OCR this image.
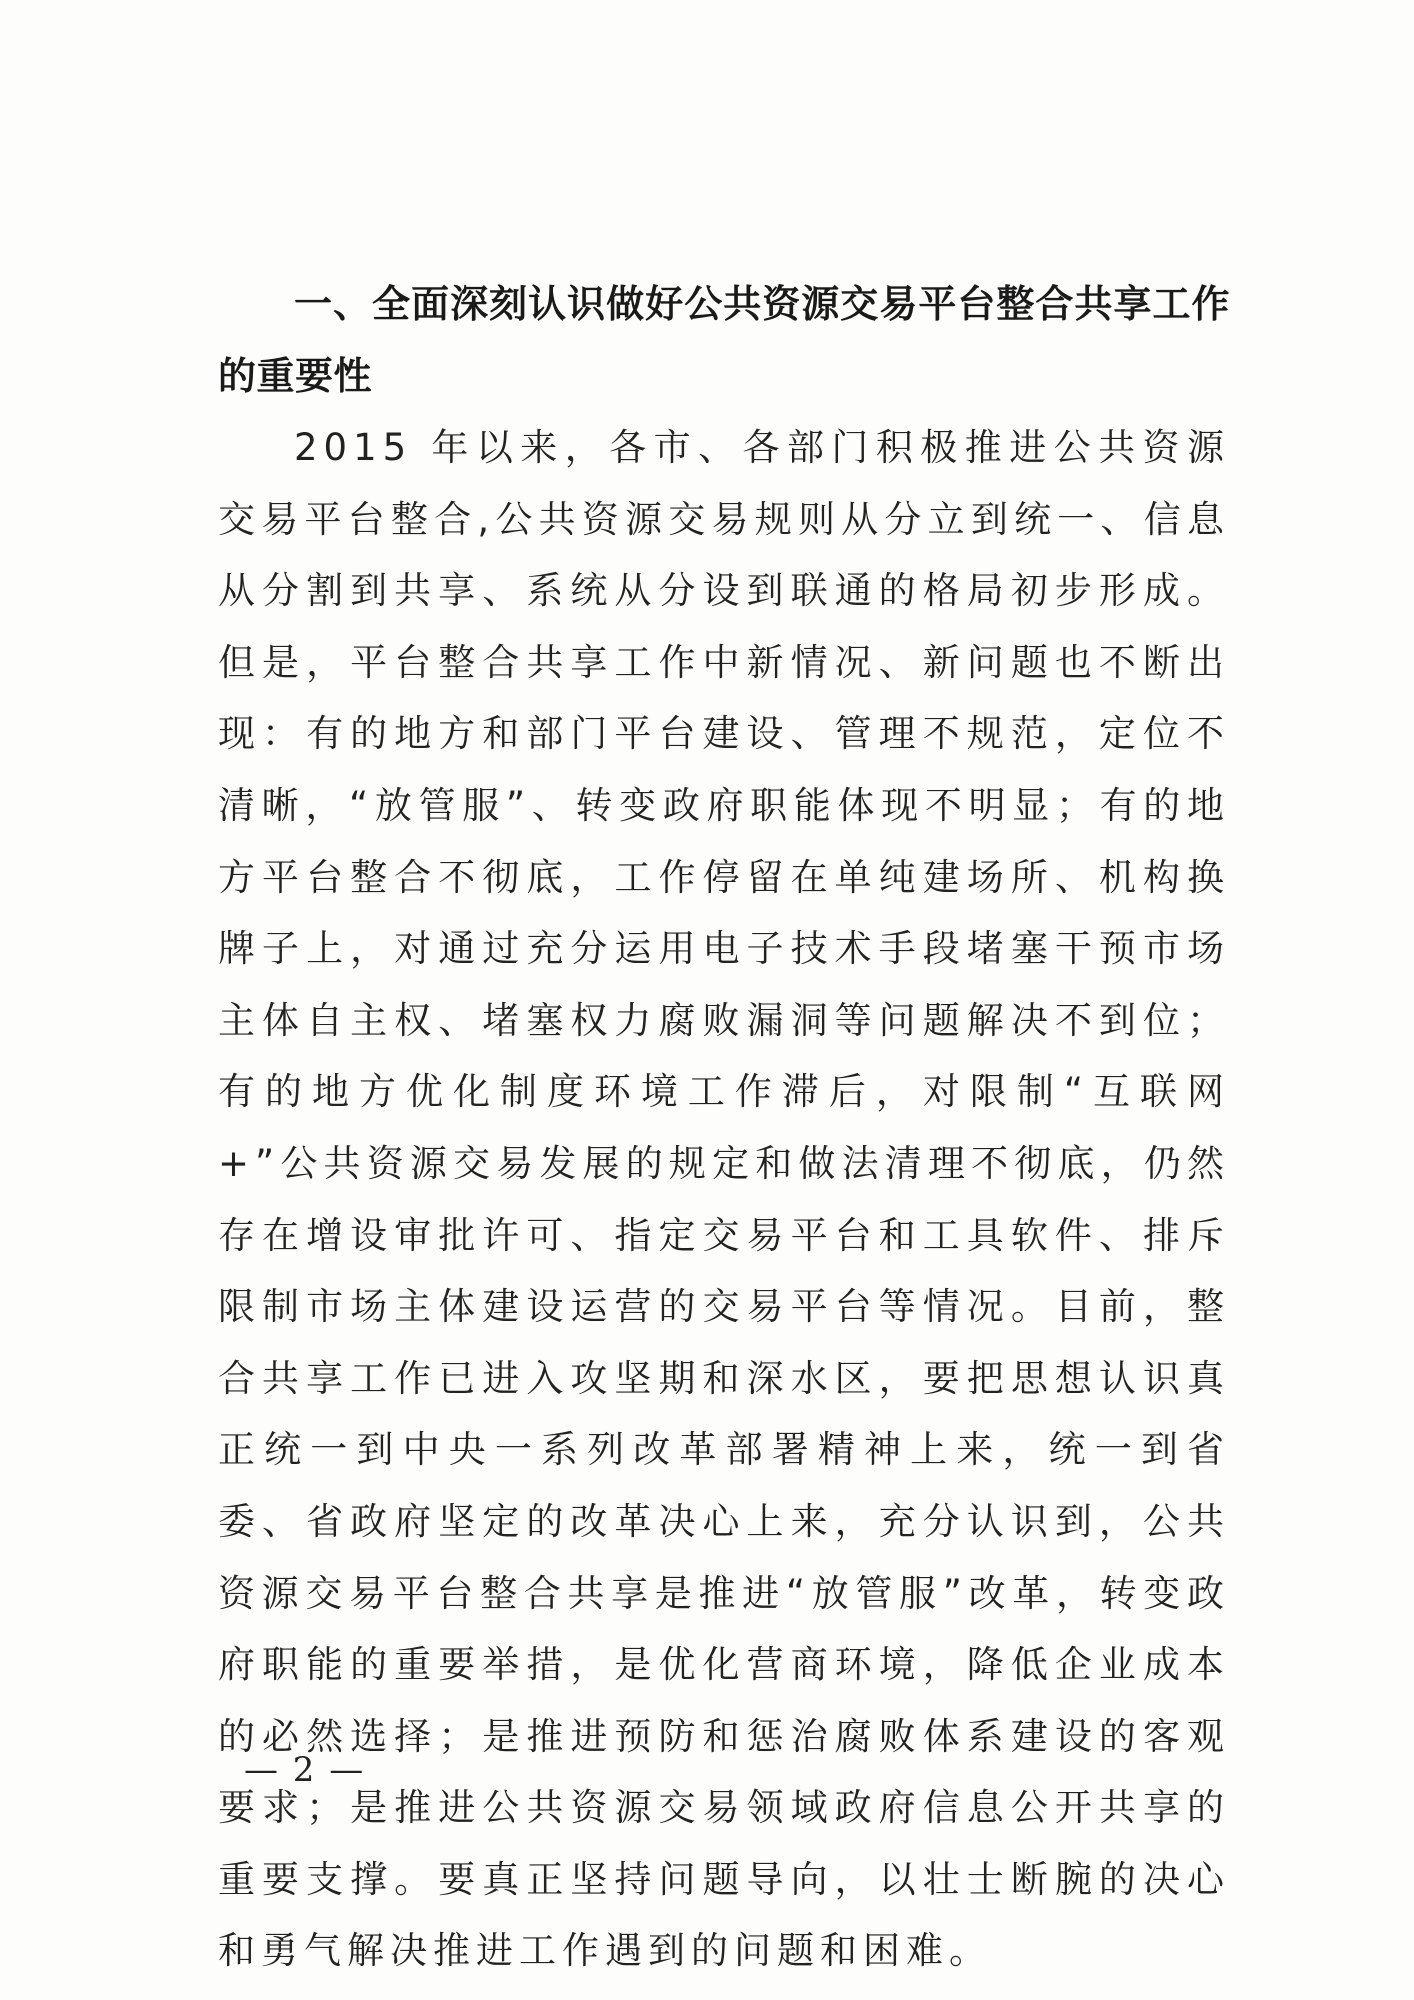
一、全面深刻认识做好公共资源交易平台整合共享工作的重要性

2015 年以来，各市、各部门积极推进公共资源交易平台整合,公共资源交易规则从分立到统一、信息从分割到共享、系统从分设到联通的格局初步形成。但是，平台整合共享工作中新情况、新问题也不断出现：有的地方和部门平台建设、管理不规范，定位不清晰，“放管服”、转变政府职能体现不明显；有的地方平台整合不彻底，工作停留在单纯建场所、机构换牌子上，对通过充分运用电子技术手段堵塞干预市场主体自主权、堵塞权力腐败漏洞等问题解决不到位；有的地方优化制度环境工作滞后，对限制“互联网+”公共资源交易发展的规定和做法清理不彻底，仍然存在增设审批许可、指定交易平台和工具软件、排斥限制市场主体建设运营的交易平台等情况。目前，整合共享工作已进入攻坚期和深水区，要把思想认识真正统一到中央一系列改革部署精神上来，统一到省委、省政府坚定的改革决心上来，充分认识到，公共资源交易平台整合共享是推进“放管服”改革，转变政府职能的重要举措，是优化营商环境，降低企业成本的必然选择；是推进预防和惩治腐败体系建设的客观要求；是推进公共资源交易领域政府信息公开共享的重要支撑。要真正坚持问题导向，以壮士断腕的决心和勇气解决推进工作遇到的问题和困难。

— 2 —
